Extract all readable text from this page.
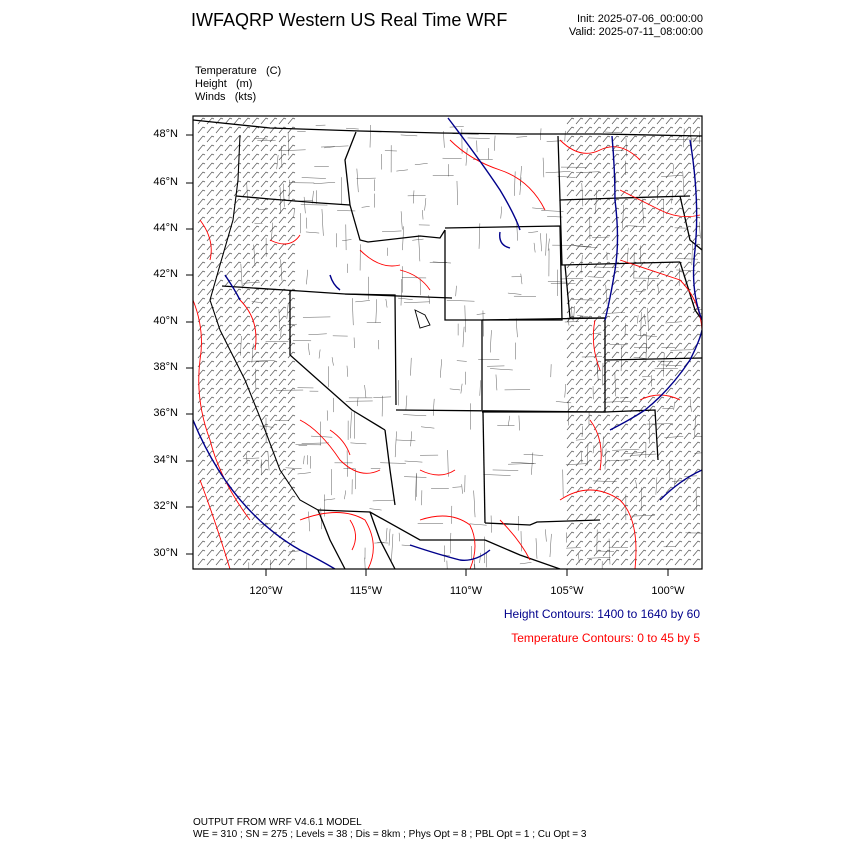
IWFAQRP Western US Real Time WRF	Init: 2025-07-06_00:00:00
Valid: 2025-07-11_08:00:00
Temperature (C)
Height (m)
Winds (kts)
48°N
46°N
44°N
42°N
40°N
38°N
36°N
34°N
32°N
30°N
120°W	115°W	110°W	105°W	100°W
Height Contours: 1400 to 1640 by 60
Temperature Contours: 0 to 45 by 5
OUTPUT FROM WRF V4.6.1 MODEL
WE = 310 ; SN = 275 ; Levels = 38 ; Dis = 8km ; Phys Opt = 8 ; PBL Opt = 1 ; Cu Opt = 3
